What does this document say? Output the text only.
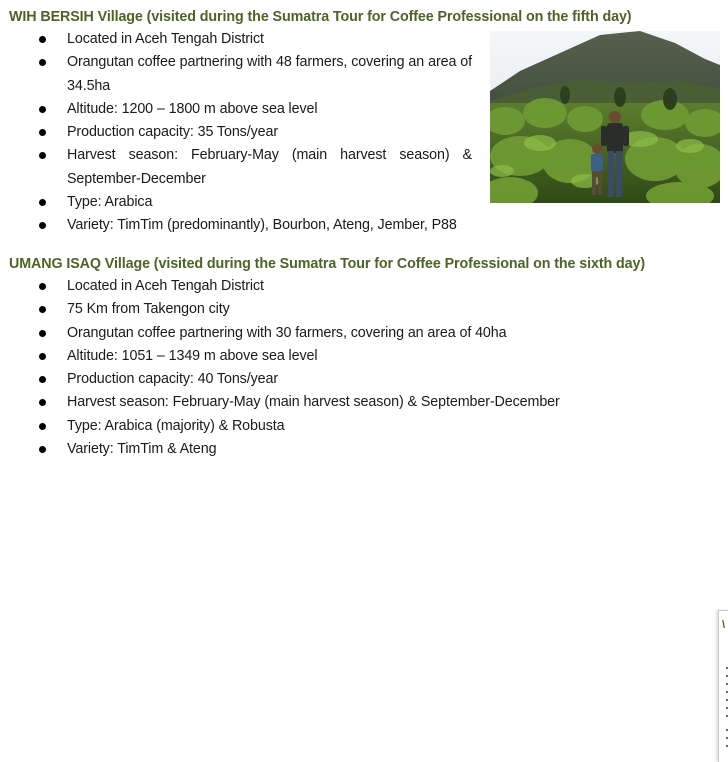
WIH BERSIH Village (visited during the Sumatra Tour for Coffee Professional on the fifth day)
Located in Aceh Tengah District
Orangutan coffee partnering with 48 farmers, covering an area of 34.5ha
Altitude: 1200 – 1800 m above sea level
Production capacity: 35 Tons/year
Harvest season: February-May (main harvest season) & September-December
Type: Arabica
Variety: TimTim (predominantly), Bourbon, Ateng, Jember, P88
UMANG ISAQ Village (visited during the Sumatra Tour for Coffee Professional on the sixth day)
Located in Aceh Tengah District
75 Km from Takengon city
Orangutan coffee partnering with 30 farmers, covering an area of 40ha
Altitude: 1051 – 1349 m above sea level
Production capacity: 40 Tons/year
Harvest season: February-May (main harvest season) & September-December
Type: Arabica (majority) & Robusta
Variety: TimTim & Ateng
\
